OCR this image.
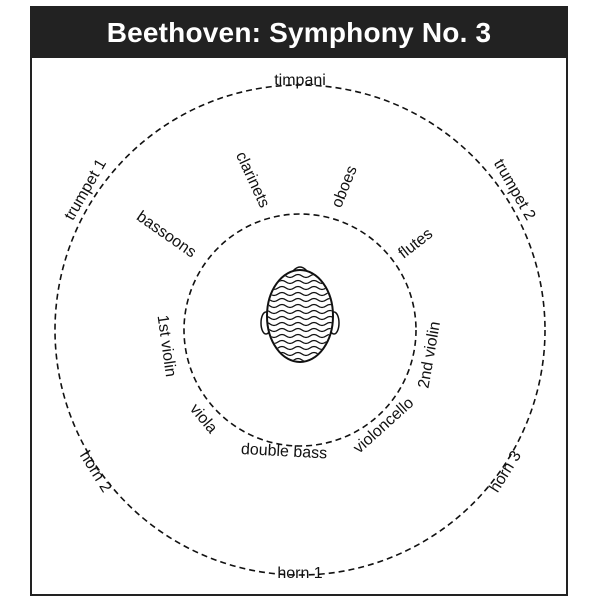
Beethoven: Symphony No. 3
timpani
trumpet 1	trumpet 2
horn 2	horn 3
horn 1
clarinets	oboes
bassoons	flutes
1st violin	2nd violin
viola	violoncello
double bass
